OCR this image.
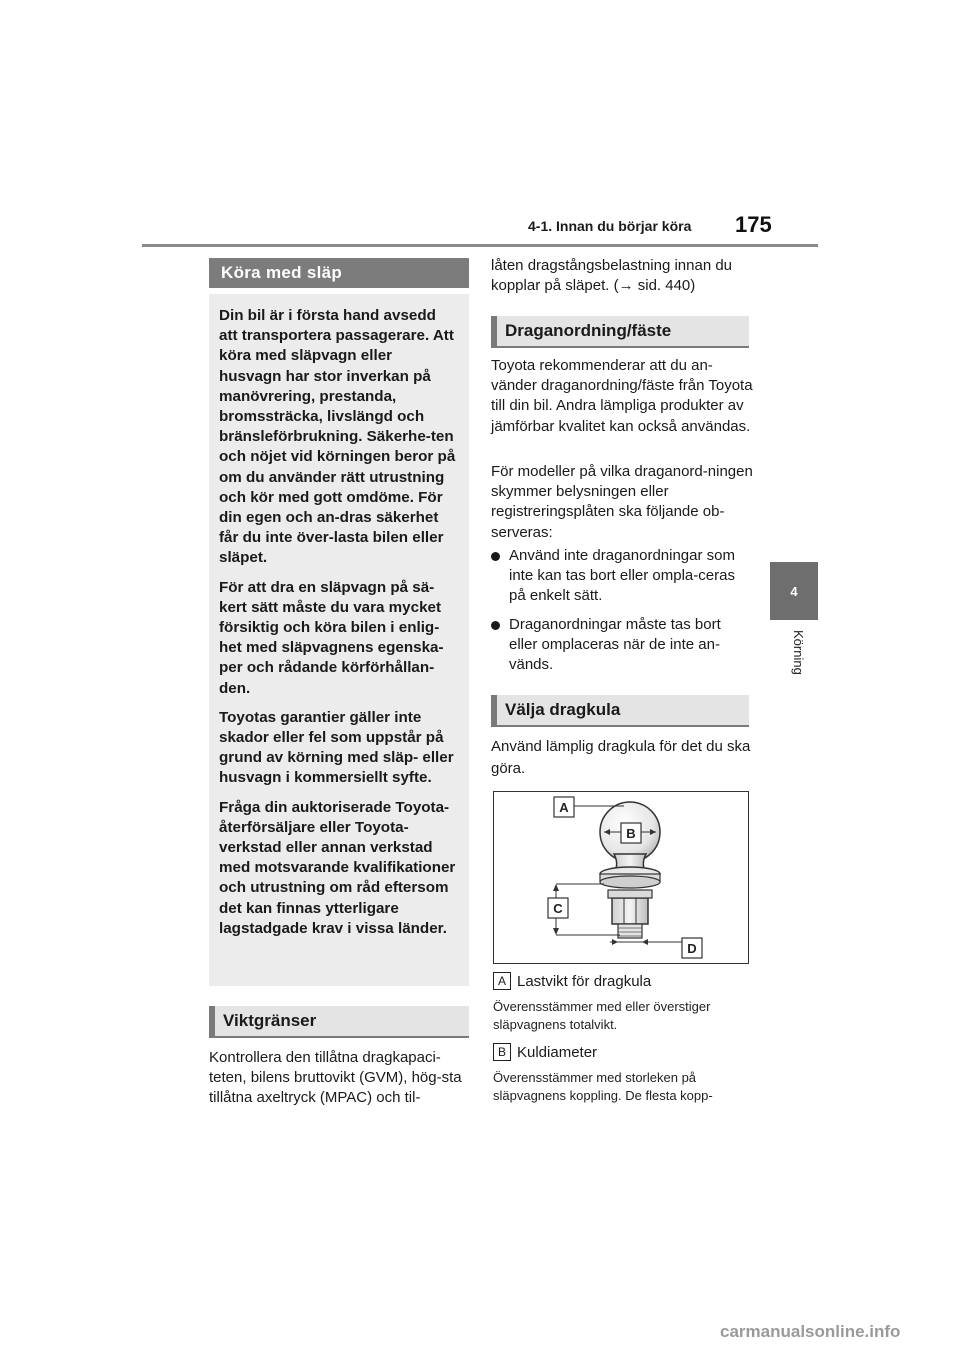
4-1. Innan du börjar köra 175
4
Körning
Köra med släp

Din bil är i första hand avsedd att transportera passagerare. Att köra med släpvagn eller husvagn har stor inverkan på manövrering, prestanda, bromssträcka, livslängd och bränsleförbrukning. Säkerhe-ten och nöjet vid körningen beror på om du använder rätt utrustning och kör med gott omdöme. För din egen och an-dras säkerhet får du inte över-lasta bilen eller släpet.

För att dra en släpvagn på sä-kert sätt måste du vara mycket försiktig och köra bilen i enlig-het med släpvagnens egenska-per och rådande körförhållan-den.

Toyotas garantier gäller inte skador eller fel som uppstår på grund av körning med släp- eller husvagn i kommersiellt syfte.

Fråga din auktoriserade Toyota-återförsäljare eller Toyota-verkstad eller annan verkstad med motsvarande kvalifikationer och utrustning om råd eftersom det kan finnas ytterligare lagstadgade krav i vissa länder.

Viktgränser

Kontrollera den tillåtna dragkapaci-teten, bilens bruttovikt (GVM), hög-sta tillåtna axeltryck (MPAC) och til-

låten dragstångsbelastning innan du kopplar på släpet. (→ sid. 440)

Draganordning/fäste

Toyota rekommenderar att du an-vänder draganordning/fäste från Toyota till din bil. Andra lämpliga produkter av jämförbar kvalitet kan också användas.

För modeller på vilka draganord-ningen skymmer belysningen eller registreringsplåten ska följande ob-serveras:

Använd inte draganordningar som inte kan tas bort eller ompla-ceras på enkelt sätt.
Draganordningar måste tas bort eller omplaceras när de inte an-vänds.
Välja dragkula

Använd lämplig dragkula för det du ska göra.

A
B
C
D
A Lastvikt för dragkula

Överensstämmer med eller överstiger släpvagnens totalvikt.

B Kuldiameter

Överensstämmer med storleken på släpvagnens koppling. De flesta kopp-

carmanualsonline.info
